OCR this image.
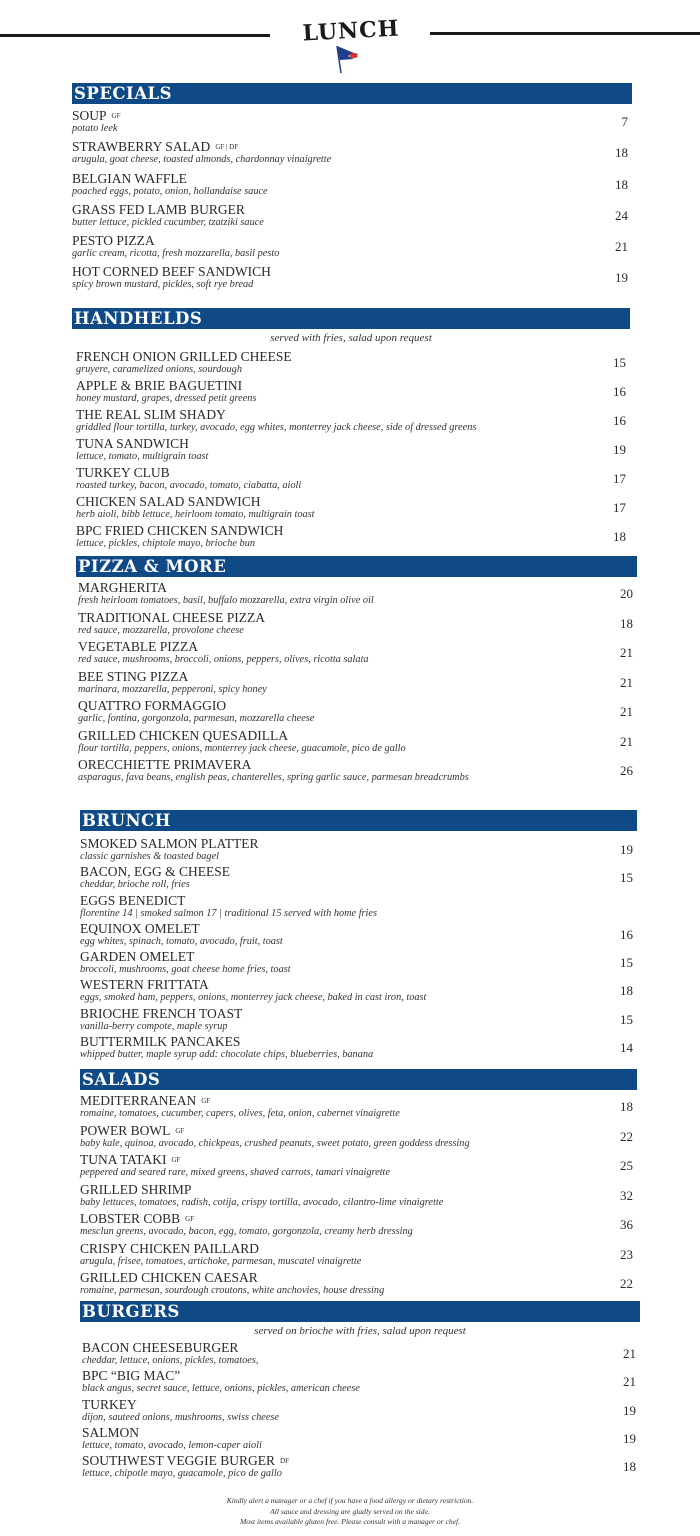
LUNCH
SPECIALS
SOUP $^{GF}$
potato leek	7
STRAWBERRY SALAD $^{GF | DF}$
arugula, goat cheese, toasted almonds, chardonnay vinaigrette	18
BELGIAN WAFFLE
poached eggs, potato, onion, hollandaise sauce	18
GRASS FED LAMB BURGER
butter lettuce, pickled cucumber, tzatziki sauce	24
PESTO PIZZA
garlic cream, ricotta, fresh mozzarella, basil pesto	21
HOT CORNED BEEF SANDWICH
spicy brown mustard, pickles, soft rye bread	19
HANDHELDS
served with fries, salad upon request
FRENCH ONION GRILLED CHEESE
gruyere, caramelized onions, sourdough	15
APPLE & BRIE BAGUETINI
honey mustard, grapes, dressed petit greens	16
THE REAL SLIM SHADY
griddled flour tortilla, turkey, avocado, egg whites, monterrey jack cheese, side of dressed greens	16
TUNA SANDWICH
lettuce, tomato, multigrain toast	19
TURKEY CLUB
roasted turkey, bacon, avocado, tomato, ciabatta, aioli	17
CHICKEN SALAD SANDWICH
herb aioli, bibb lettuce, heirloom tomato, multigrain toast	17
BPC FRIED CHICKEN SANDWICH
lettuce, pickles, chiptole mayo, brioche bun	18
PIZZA & MORE
MARGHERITA
fresh heirloom tomatoes, basil, buffalo mozzarella, extra virgin olive oil	20
TRADITIONAL CHEESE PIZZA
red sauce, mozzarella, provolone cheese	18
VEGETABLE PIZZA
red sauce, mushrooms, broccoli, onions, peppers, olives, ricotta salata	21
BEE STING PIZZA
marinara, mozzarella, pepperoni, spicy honey	21
QUATTRO FORMAGGIO
garlic, fontina, gorgonzola, parmesan, mozzarella cheese	21
GRILLED CHICKEN QUESADILLA
flour tortilla, peppers, onions, monterrey jack cheese, guacamole, pico de gallo	21
ORECCHIETTE PRIMAVERA
asparagus, fava beans, english peas, chanterelles, spring garlic sauce, parmesan breadcrumbs	26
BRUNCH
SMOKED SALMON PLATTER
classic garnishes & toasted bagel	19
BACON, EGG & CHEESE
cheddar, brioche roll, fries	15
EGGS BENEDICT
florentine 14 | smoked salmon 17 | traditional 15 served with home fries
EQUINOX OMELET
egg whites, spinach, tomato, avocado, fruit, toast	16
GARDEN OMELET
broccoli, mushrooms, goat cheese home fries, toast	15
WESTERN FRITTATA
eggs, smoked ham, peppers, onions, monterrey jack cheese, baked in cast iron, toast	18
BRIOCHE FRENCH TOAST
vanilla-berry compote, maple syrup	15
BUTTERMILK PANCAKES
whipped butter, maple syrup add: chocolate chips, blueberries, banana	14
SALADS
MEDITERRANEAN $^{GF}$
romaine, tomatoes, cucumber, capers, olives, feta, onion, cabernet vinaigrette	18
POWER BOWL $^{GF}$
baby kale, quinoa, avocado, chickpeas, crushed peanuts, sweet potato, green goddess dressing	22
TUNA TATAKI $^{GF}$
peppered and seared rare, mixed greens, shaved carrots, tamari vinaigrette	25
GRILLED SHRIMP
baby lettuces, tomatoes, radish, cotija, crispy tortilla, avocado, cilantro-lime vinaigrette	32
LOBSTER COBB $^{GF}$
mesclun greens, avocado, bacon, egg, tomato, gorgonzola, creamy herb dressing	36
CRISPY CHICKEN PAILLARD
arugula, frisee, tomatoes, artichoke, parmesan, muscatel vinaigrette	23
GRILLED CHICKEN CAESAR
romaine, parmesan, sourdough croutons, white anchovies, house dressing	22
BURGERS
served on brioche with fries, salad upon request
BACON CHEESEBURGER
cheddar, lettuce, onions, pickles, tomatoes,	21
BPC “BIG MAC”
black angus, secret sauce, lettuce, onions, pickles, american cheese	21
TURKEY
dijon, sauteed onions, mushrooms, swiss cheese	19
SALMON
lettuce, tomato, avocado, lemon-caper aioli	19
SOUTHWEST VEGGIE BURGER $^{DF}$
lettuce, chipotle mayo, guacamole, pico de gallo	18
Kindly alert a manager or a chef if you have a food allergy or dietary restriction.
All sauce and dressing are gladly served on the side.
Most items available gluten free. Please consult with a manager or chef.
